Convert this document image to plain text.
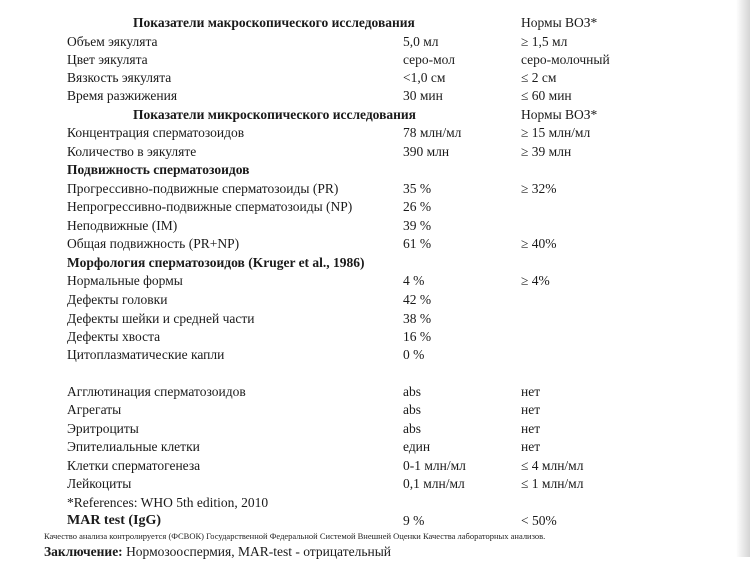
Показатели макроскопического исследования	Нормы ВОЗ*
Объем эякулята	5,0 мл	≥ 1,5 мл
Цвет эякулята	серо-мол	серо-молочный
Вязкость эякулята	<1,0 см	≤ 2 см
Время разжижения	30 мин	≤ 60 мин
Показатели микроскопического исследования	Нормы ВОЗ*
Концентрация сперматозоидов	78 млн/мл	≥ 15 млн/мл
Количество в эякуляте	390 млн	≥ 39 млн
Подвижность сперматозоидов
Прогрессивно-подвижные сперматозоиды (PR)	35 %	≥ 32%
Непрогрессивно-подвижные сперматозоиды (NP)	26 %
Неподвижные (IM)	39 %
Общая подвижность (PR+NP)	61 %	≥ 40%
Морфология сперматозоидов (Kruger et al., 1986)
Нормальные формы	4 %	≥ 4%
Дефекты головки	42 %
Дефекты шейки и средней части	38 %
Дефекты хвоста	16 %
Цитоплазматические капли	0 %
Агглютинация сперматозоидов	abs	нет
Агрегаты	abs	нет
Эритроциты	abs	нет
Эпителиальные клетки	един	нет
Клетки сперматогенеза	0-1 млн/мл	≤ 4 млн/мл
Лейкоциты	0,1 млн/мл	≤ 1 млн/мл
*References: WHO 5th edition, 2010
MAR test (IgG)	9 %	< 50%
Качество анализа контролируется (ФСВОК) Государственной Федеральной Системой Внешней Оценки Качества лабораторных анализов.
Заключение: Нормозооспермия, MAR-test - отрицательный
